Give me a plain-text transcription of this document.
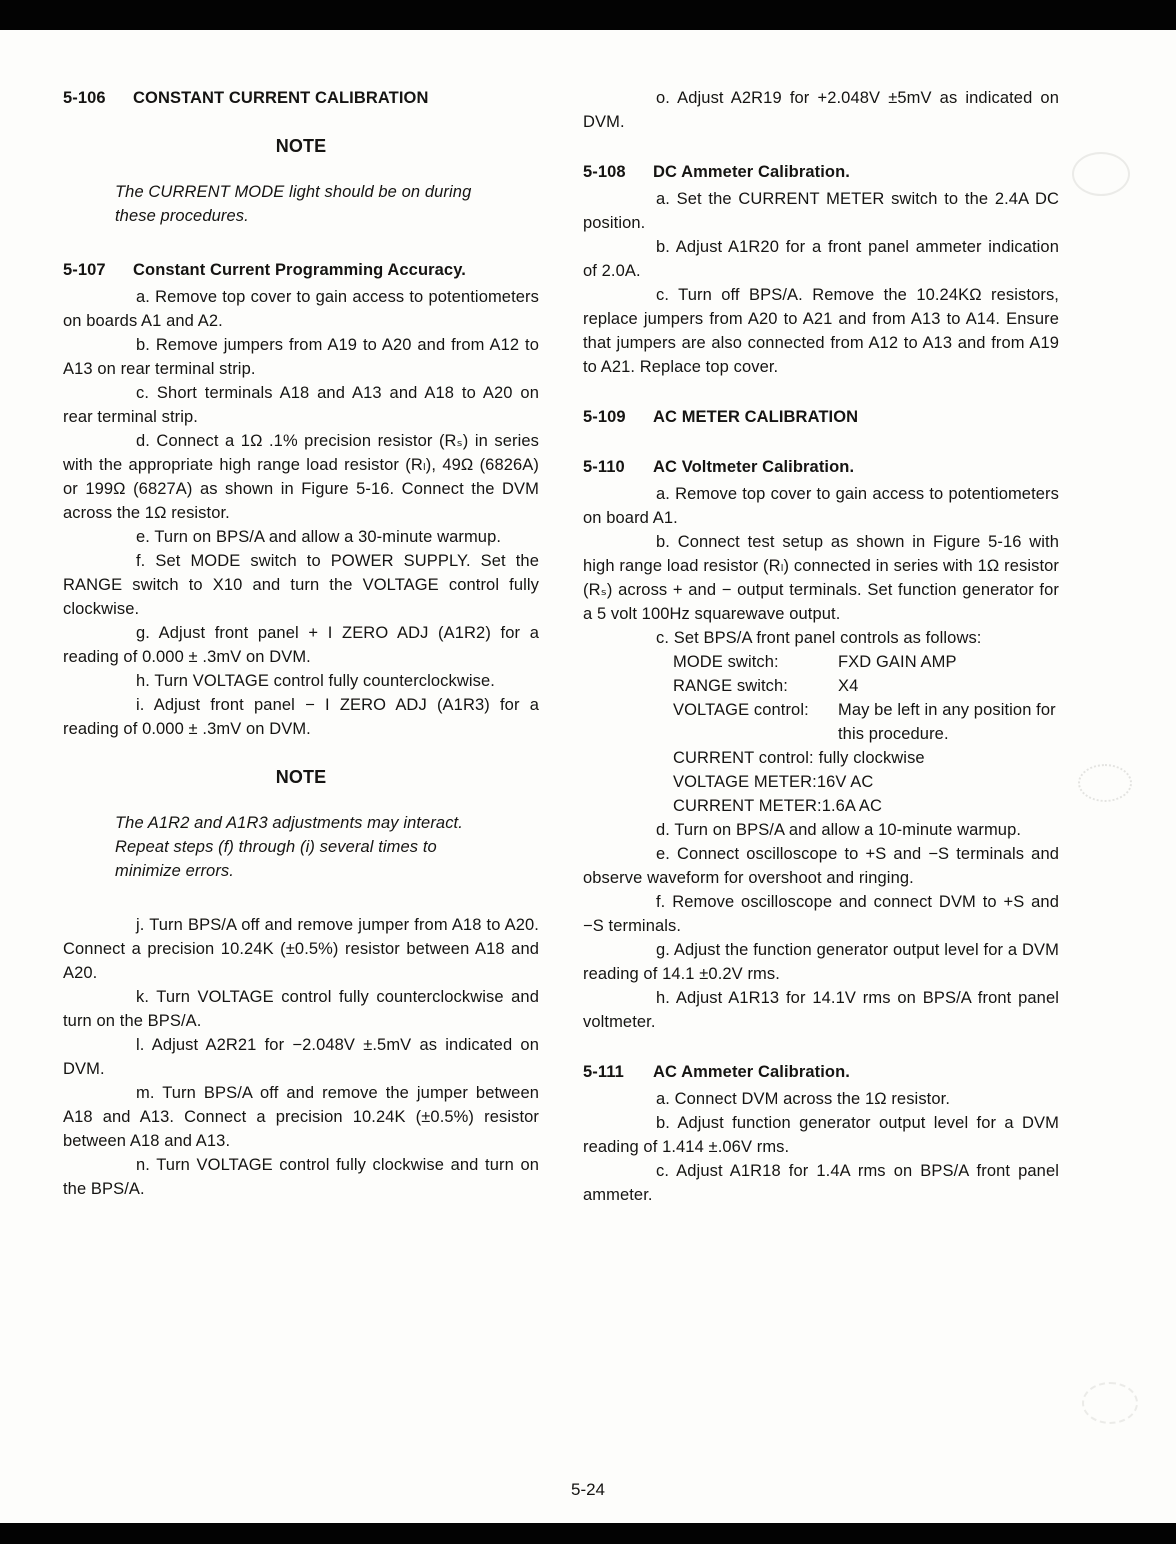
5-106 CONSTANT CURRENT CALIBRATION

NOTE

The CURRENT MODE light should be on during these procedures.

5-107 Constant Current Programming Accuracy.

a. Remove top cover to gain access to potentiometers on boards A1 and A2.

b. Remove jumpers from A19 to A20 and from A12 to A13 on rear terminal strip.

c. Short terminals A18 and A13 and A18 to A20 on rear terminal strip.

d. Connect a 1Ω .1% precision resistor (Rₛ) in series with the appropriate high range load resistor (Rₗ), 49Ω (6826A) or 199Ω (6827A) as shown in Figure 5-16. Connect the DVM across the 1Ω resistor.

e. Turn on BPS/A and allow a 30-minute warmup.

f. Set MODE switch to POWER SUPPLY. Set the RANGE switch to X10 and turn the VOLTAGE control fully clockwise.

g. Adjust front panel + I ZERO ADJ (A1R2) for a reading of 0.000 ± .3mV on DVM.

h. Turn VOLTAGE control fully counterclockwise.

i. Adjust front panel − I ZERO ADJ (A1R3) for a reading of 0.000 ± .3mV on DVM.

NOTE

The A1R2 and A1R3 adjustments may interact. Repeat steps (f) through (i) several times to minimize errors.

j. Turn BPS/A off and remove jumper from A18 to A20. Connect a precision 10.24K (±0.5%) resistor between A18 and A20.

k. Turn VOLTAGE control fully counterclockwise and turn on the BPS/A.

l. Adjust A2R21 for −2.048V ±.5mV as indicated on DVM.

m. Turn BPS/A off and remove the jumper between A18 and A13. Connect a precision 10.24K (±0.5%) resistor between A18 and A13.

n. Turn VOLTAGE control fully clockwise and turn on the BPS/A.

o. Adjust A2R19 for +2.048V ±5mV as indicated on DVM.

5-108 DC Ammeter Calibration.

a. Set the CURRENT METER switch to the 2.4A DC position.

b. Adjust A1R20 for a front panel ammeter indication of 2.0A.

c. Turn off BPS/A. Remove the 10.24KΩ resistors, replace jumpers from A20 to A21 and from A13 to A14. Ensure that jumpers are also connected from A12 to A13 and from A19 to A21. Replace top cover.

5-109 AC METER CALIBRATION
5-110 AC Voltmeter Calibration.

a. Remove top cover to gain access to potentiometers on board A1.

b. Connect test setup as shown in Figure 5-16 with high range load resistor (Rₗ) connected in series with 1Ω resistor (Rₛ) across + and − output terminals. Set function generator for a 5 volt 100Hz squarewave output.

c. Set BPS/A front panel controls as follows:

MODE switch:	FXD GAIN AMP
RANGE switch:	X4
VOLTAGE control:	May be left in any position for this procedure.
CURRENT control: fully clockwise
VOLTAGE METER: 16V AC
CURRENT METER: 1.6A AC

d. Turn on BPS/A and allow a 10-minute warmup.

e. Connect oscilloscope to +S and −S terminals and observe waveform for overshoot and ringing.

f. Remove oscilloscope and connect DVM to +S and −S terminals.

g. Adjust the function generator output level for a DVM reading of 14.1 ±0.2V rms.

h. Adjust A1R13 for 14.1V rms on BPS/A front panel voltmeter.

5-111 AC Ammeter Calibration.

a. Connect DVM across the 1Ω resistor.

b. Adjust function generator output level for a DVM reading of 1.414 ±.06V rms.

c. Adjust A1R18 for 1.4A rms on BPS/A front panel ammeter.

5-24
